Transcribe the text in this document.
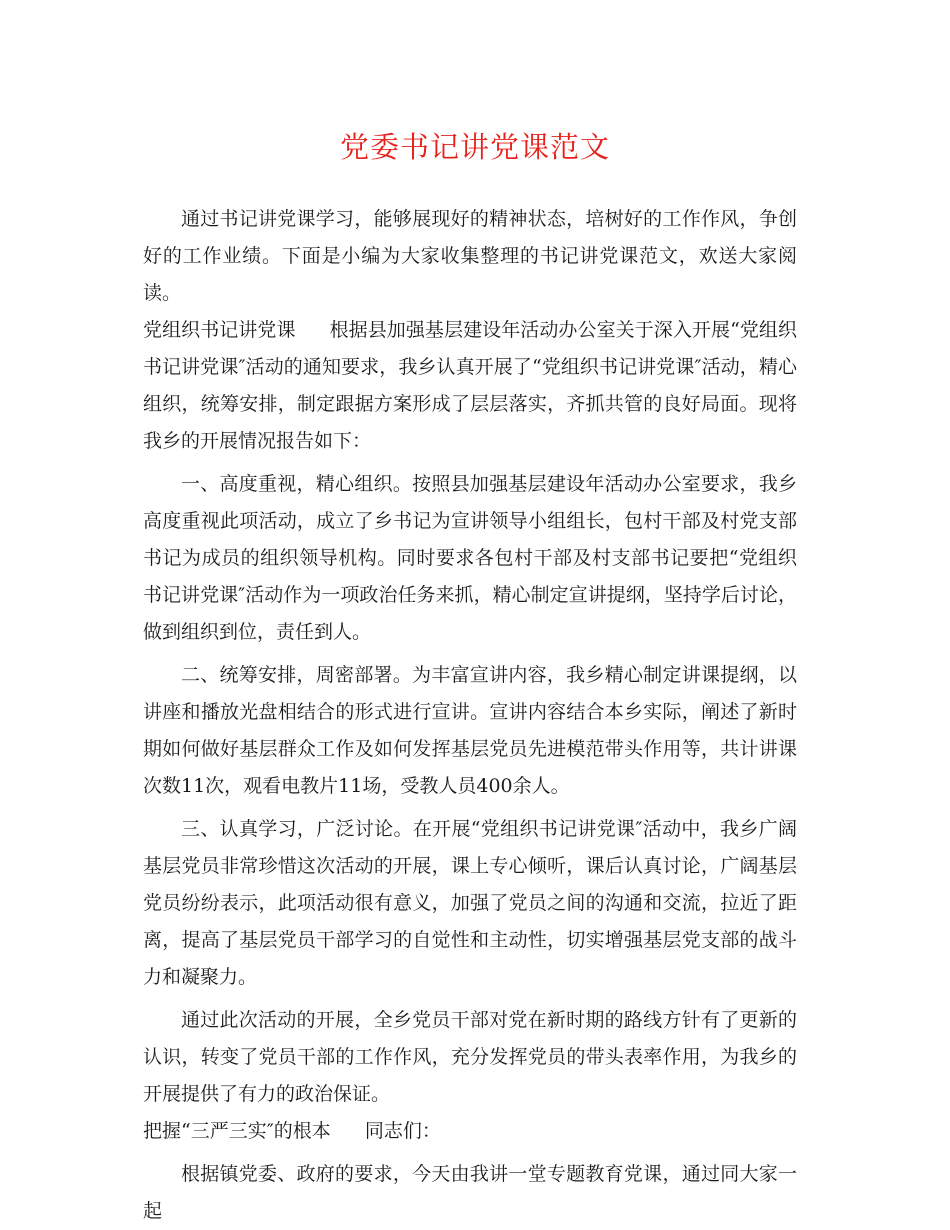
党委书记讲党课范文

通过书记讲党课学习，能够展现好的精神状态，培树好的工作作风，争创好的工作业绩。下面是小编为大家收集整理的书记讲党课范文，欢送大家阅读。

党组织书记讲党课 根据县加强基层建设年活动办公室关于深入开展“党组织书记讲党课″活动的通知要求，我乡认真开展了“党组织书记讲党课″活动，精心组织，统筹安排，制定跟据方案形成了层层落实，齐抓共管的良好局面。现将我乡的开展情况报告如下：

一、高度重视，精心组织。按照县加强基层建设年活动办公室要求，我乡高度重视此项活动，成立了乡书记为宣讲领导小组组长，包村干部及村党支部书记为成员的组织领导机构。同时要求各包村干部及村支部书记要把“党组织书记讲党课″活动作为一项政治任务来抓，精心制定宣讲提纲，坚持学后讨论，做到组织到位，责任到人。

二、统筹安排，周密部署。为丰富宣讲内容，我乡精心制定讲课提纲，以讲座和播放光盘相结合的形式进行宣讲。宣讲内容结合本乡实际，阐述了新时期如何做好基层群众工作及如何发挥基层党员先进模范带头作用等，共计讲课次数11次，观看电教片11场，受教人员400余人。

三、认真学习，广泛讨论。在开展“党组织书记讲党课″活动中，我乡广阔基层党员非常珍惜这次活动的开展，课上专心倾听，课后认真讨论，广阔基层党员纷纷表示，此项活动很有意义，加强了党员之间的沟通和交流，拉近了距离，提高了基层党员干部学习的自觉性和主动性，切实增强基层党支部的战斗力和凝聚力。

通过此次活动的开展，全乡党员干部对党在新时期的路线方针有了更新的认识，转变了党员干部的工作作风，充分发挥党员的带头表率作用，为我乡的开展提供了有力的政治保证。

把握“三严三实″的根本 同志们：

根据镇党委、政府的要求，今天由我讲一堂专题教育党课，通过同大家一起
